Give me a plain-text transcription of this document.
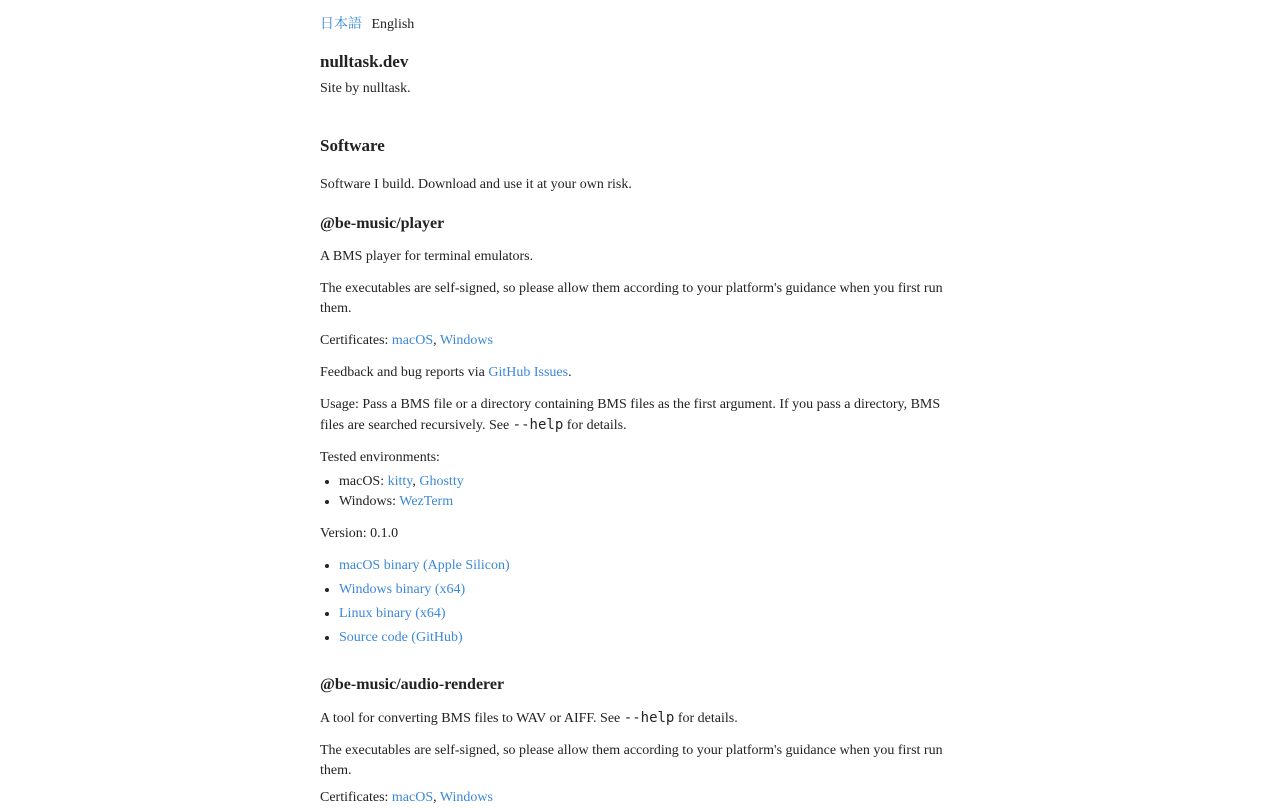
日本語 English
nulltask.dev

Site by nulltask.

Software

Software I build. Download and use it at your own risk.

@be-music/player

A BMS player for terminal emulators.

The executables are self-signed, so please allow them according to your platform's guidance when you first run them.

Certificates: macOS, Windows

Feedback and bug reports via GitHub Issues.

Usage: Pass a BMS file or a directory containing BMS files as the first argument. If you pass a directory, BMS files are searched recursively. See --help for details.

Tested environments:

• macOS: kitty, Ghostty
• Windows: WezTerm

Version: 0.1.0

• macOS binary (Apple Silicon)
• Windows binary (x64)
• Linux binary (x64)
• Source code (GitHub)
@be-music/audio-renderer

A tool for converting BMS files to WAV or AIFF. See --help for details.

The executables are self-signed, so please allow them according to your platform's guidance when you first run them.

Certificates: macOS, Windows
